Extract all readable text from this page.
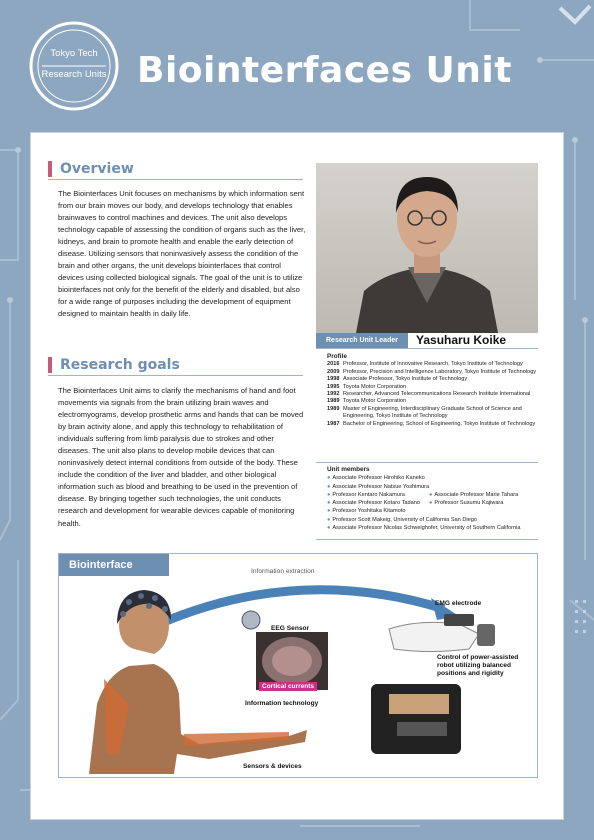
Tokyo Tech
Research Units Biointerfaces Unit
Overview
The Biointerfaces Unit focuses on mechanisms by which information sent from our brain moves our body, and develops technology that enables brainwaves to control machines and devices. The unit also develops technology capable of assessing the condition of organs such as the liver, kidneys, and brain to promote health and enable the early detection of disease. Utilizing sensors that noninvasively assess the condition of the brain and other organs, the unit develops biointerfaces that control devices using collected biological signals. The goal of the unit is to utilize biointerfaces not only for the benefit of the elderly and disabled, but also for a wide range of purposes including the development of equipment designed to maintain health in daily life.
Research goals
The Biointerfaces Unit aims to clarify the mechanisms of hand and foot movements via signals from the brain utilizing brain waves and electromyograms, develop prosthetic arms and hands that can be moved by brain activity alone, and apply this technology to rehabilitation of individuals suffering from limb paralysis due to strokes and other diseases. The unit also plans to develop mobile devices that can noninvasively detect internal conditions from outside of the body. These include the condition of the liver and bladder, and other biological information such as blood and breathing to be used in the prevention of disease. By bringing together such technologies, the unit conducts research and development for wearable devices capable of monitoring health.
Research Unit Leader	Yasuharu Koike
Profile
2016 Professor, Institute of Innovative Research, Tokyo Institute of Technology
2009 Professor, Precision and Intelligence Laboratory, Tokyo Institute of Technology
1998 Associate Professor, Tokyo Institute of Technology
1995 Toyota Motor Corporation
1992 Researcher, Advanced Telecommunications Research Institute International
1989 Toyota Motor Corporation
1989 Master of Engineering, Interdisciplinary Graduate School of Science and Engineering, Tokyo Institute of Technology
1987 Bachelor of Engineering, School of Engineering, Tokyo Institute of Technology
Unit members
● Associate Professor Hirohiko Kaneko
● Associate Professor Natsue Yoshimura
● Professor Kentaro Nakamura	● Associate Professor Marie Tahara
● Associate Professor Kotaro Tadano	● Professor Susumu Kajiwara
● Professor Yoshitaka Kitamoto
● Professor Scott Makeig, University of California San Diego
● Associate Professor Nicolas Schweighofer, University of Southern California
Biointerface
Information extraction
EEG Sensor
Cortical currents
Information technology
EMG electrode
Control of power-assisted robot utilizing balanced positions and rigidity
Sensors & devices
